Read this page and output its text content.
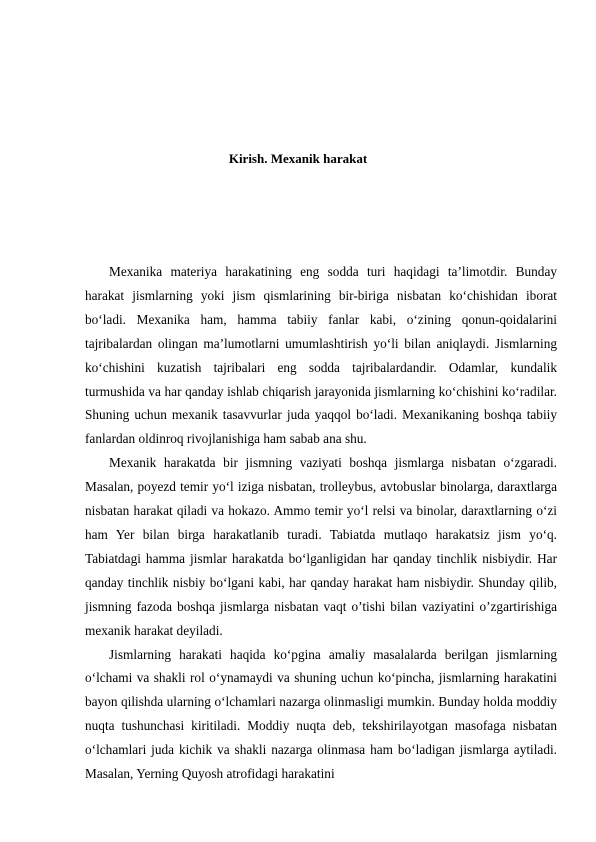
Kirish. Mexanik harakat

Mexanika materiya harakatining eng sodda turi haqidagi ta’limotdir. Bunday harakat jismlarning yoki jism qismlarining bir-biriga nisbatan ko‘chishidan iborat bo‘ladi. Mexanika ham, hamma tabiiy fanlar kabi, o‘zining qonun-qoidalarini tajribalardan olingan ma’lumotlarni umumlashtirish yo‘li bilan aniqlaydi. Jismlarning ko‘chishini kuzatish tajribalari eng sodda tajribalardandir. Odamlar, kundalik turmushida va har qanday ishlab chiqarish jarayonida jismlarning ko‘chishini ko‘radilar. Shuning uchun mexanik tasavvurlar juda yaqqol bo‘ladi. Mexanikaning boshqa tabiiy fanlardan oldinroq rivojlanishiga ham sabab ana shu.

Mexanik harakatda bir jismning vaziyati boshqa jismlarga nisbatan o‘zgaradi. Masalan, poyezd temir yo‘l iziga nisbatan, trolleybus, avtobuslar binolarga, daraxtlarga nisbatan harakat qiladi va hokazo. Ammo temir yo‘l relsi va binolar, daraxtlarning o‘zi ham Yer bilan birga harakatlanib turadi. Tabiatda mutlaqo harakatsiz jism yo‘q. Tabiatdagi hamma jismlar harakatda bo‘lganligidan har qanday tinchlik nisbiydir. Har qanday tinchlik nisbiy bo‘lgani kabi, har qanday harakat ham nisbiydir. Shunday qilib, jismning fazoda boshqa jismlarga nisbatan vaqt o’tishi bilan vaziyatini o’zgartirishiga mexanik harakat deyiladi.

Jismlarning harakati haqida ko‘pgina amaliy masalalarda berilgan jismlarning o‘lchami va shakli rol o‘ynamaydi va shuning uchun ko‘pincha, jismlarning harakatini bayon qilishda ularning o‘lchamlari nazarga olinmasligi mumkin. Bunday holda moddiy nuqta tushunchasi kiritiladi. Moddiy nuqta deb, tekshirilayotgan masofaga nisbatan o‘lchamlari juda kichik va shakli nazarga olinmasa ham bo‘ladigan jismlarga aytiladi. Masalan, Yerning Quyosh atrofidagi harakatini
